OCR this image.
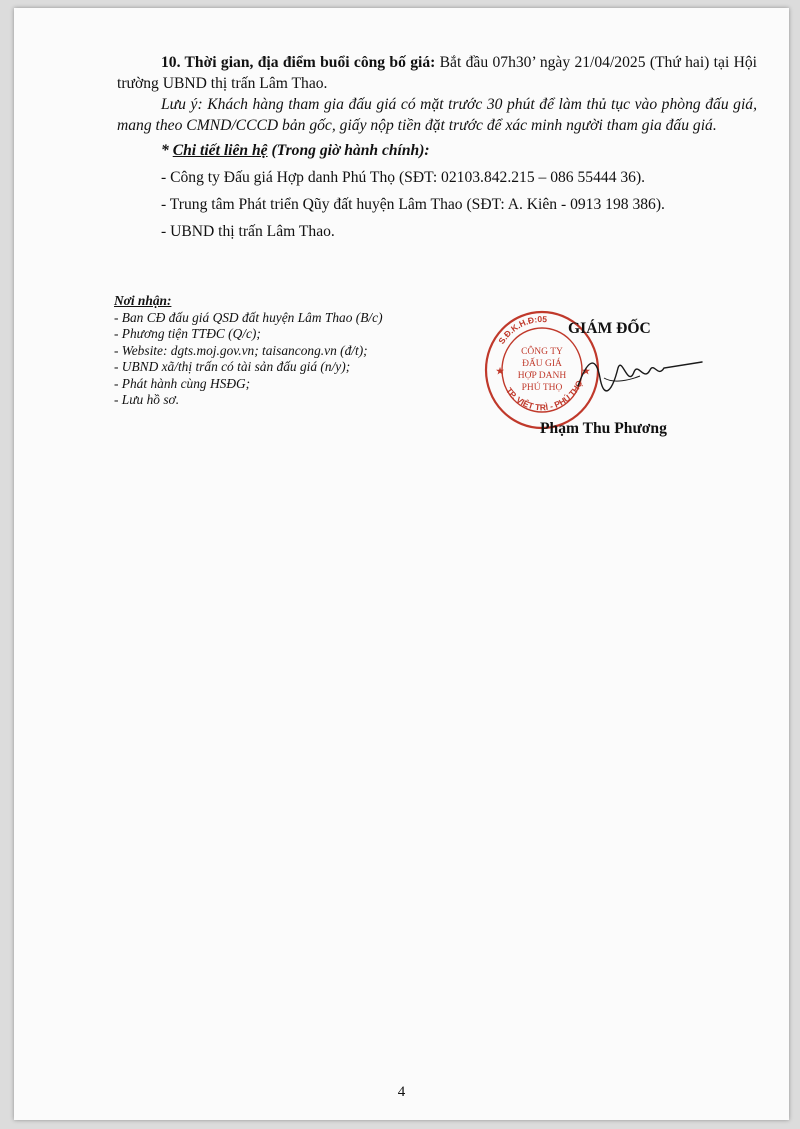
10. Thời gian, địa điểm buổi công bố giá: Bắt đầu 07h30’ ngày 21/04/2025 (Thứ hai) tại Hội trường UBND thị trấn Lâm Thao.

Lưu ý: Khách hàng tham gia đấu giá có mặt trước 30 phút để làm thủ tục vào phòng đấu giá, mang theo CMND/CCCD bản gốc, giấy nộp tiền đặt trước để xác minh người tham gia đấu giá.

* Chi tiết liên hệ (Trong giờ hành chính):

- Công ty Đấu giá Hợp danh Phú Thọ (SĐT: 02103.842.215 – 086 55444 36).

- Trung tâm Phát triển Qũy đất huyện Lâm Thao (SĐT: A. Kiên - 0913 198 386).

- UBND thị trấn Lâm Thao.

Nơi nhận:
- Ban CĐ đấu giá QSD đất huyện Lâm Thao (B/c)
- Phương tiện TTĐC (Q/c);
- Website: dgts.moj.gov.vn; taisancong.vn (đ/t);
- UBND xã/thị trấn có tài sản đấu giá (n/y);
- Phát hành cùng HSĐG;
- Lưu hồ sơ.
S.Đ.K.H.Đ:05
TP. VIỆT TRÌ - PHÚ THỌ
★	★
CÔNG TY
ĐẤU GIÁ
HỢP DANH
PHÚ THỌ
GIÁM ĐỐC
Phạm Thu Phương
4
